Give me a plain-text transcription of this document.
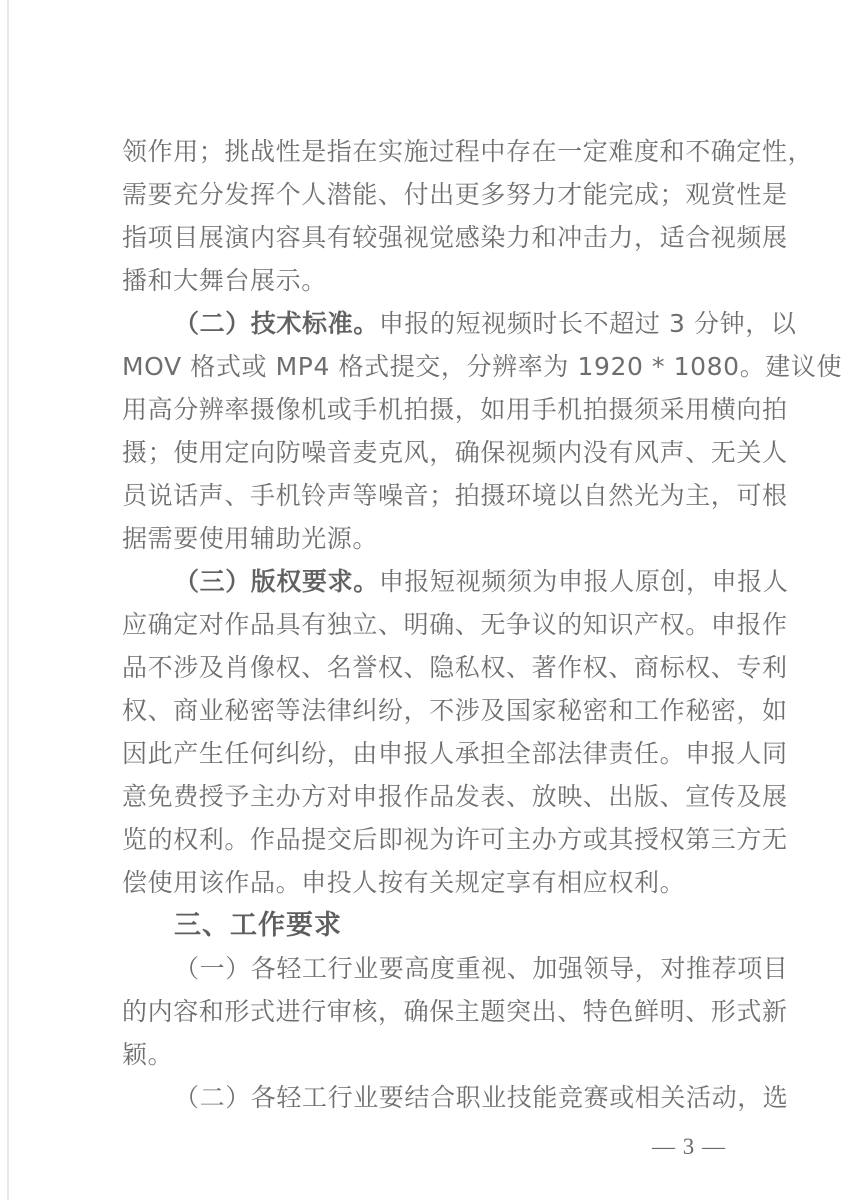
领作用；挑战性是指在实施过程中存在一定难度和不确定性，
需要充分发挥个人潜能、付出更多努力才能完成；观赏性是
指项目展演内容具有较强视觉感染力和冲击力，适合视频展
播和大舞台展示。
（二）技术标准。申报的短视频时长不超过 3 分钟，以
MOV 格式或 MP4 格式提交，分辨率为 1920 * 1080。建议使
用高分辨率摄像机或手机拍摄，如用手机拍摄须采用横向拍
摄；使用定向防噪音麦克风，确保视频内没有风声、无关人
员说话声、手机铃声等噪音；拍摄环境以自然光为主，可根
据需要使用辅助光源。
（三）版权要求。申报短视频须为申报人原创，申报人
应确定对作品具有独立、明确、无争议的知识产权。申报作
品不涉及肖像权、名誉权、隐私权、著作权、商标权、专利
权、商业秘密等法律纠纷，不涉及国家秘密和工作秘密，如
因此产生任何纠纷，由申报人承担全部法律责任。申报人同
意免费授予主办方对申报作品发表、放映、出版、宣传及展
览的权利。作品提交后即视为许可主办方或其授权第三方无
偿使用该作品。申投人按有关规定享有相应权利。
三、工作要求
（一）各轻工行业要高度重视、加强领导，对推荐项目
的内容和形式进行审核，确保主题突出、特色鲜明、形式新
颖。
（二）各轻工行业要结合职业技能竞赛或相关活动，选
— 3 —
